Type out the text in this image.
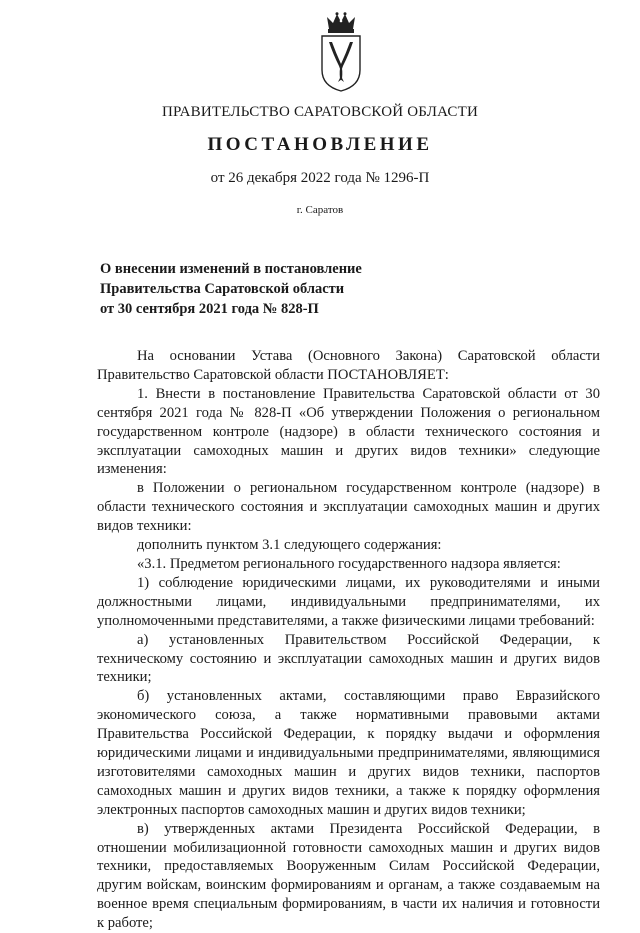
ПРАВИТЕЛЬСТВО САРАТОВСКОЙ ОБЛАСТИ
ПОСТАНОВЛЕНИЕ
от 26 декабря 2022 года № 1296-П
г. Саратов
О внесении изменений в постановление
Правительства Саратовской области
от 30 сентября 2021 года № 828-П

На основании Устава (Основного Закона) Саратовской области Правительство Саратовской области ПОСТАНОВЛЯЕТ:

1. Внести в постановление Правительства Саратовской области от 30 сентября 2021 года № 828-П «Об утверждении Положения о региональном государственном контроле (надзоре) в области технического состояния и эксплуатации самоходных машин и других видов техники» следующие изменения:

в Положении о региональном государственном контроле (надзоре) в области технического состояния и эксплуатации самоходных машин и других видов техники:

дополнить пунктом 3.1 следующего содержания:

«3.1. Предметом регионального государственного надзора является:

1) соблюдение юридическими лицами, их руководителями и иными должностными лицами, индивидуальными предпринимателями, их уполномоченными представителями, а также физическими лицами требований:

а) установленных Правительством Российской Федерации, к техническому состоянию и эксплуатации самоходных машин и других видов техники;

б) установленных актами, составляющими право Евразийского экономического союза, а также нормативными правовыми актами Правительства Российской Федерации, к порядку выдачи и оформления юридическими лицами и индивидуальными предпринимателями, являющимися изготовителями самоходных машин и других видов техники, паспортов самоходных машин и других видов техники, а также к порядку оформления электронных паспортов самоходных машин и других видов техники;

в) утвержденных актами Президента Российской Федерации, в отношении мобилизационной готовности самоходных машин и других видов техники, предоставляемых Вооруженным Силам Российской Федерации, другим войскам, воинским формированиям и органам, а также создаваемым на военное время специальным формированиям, в части их наличия и готовности к работе;
